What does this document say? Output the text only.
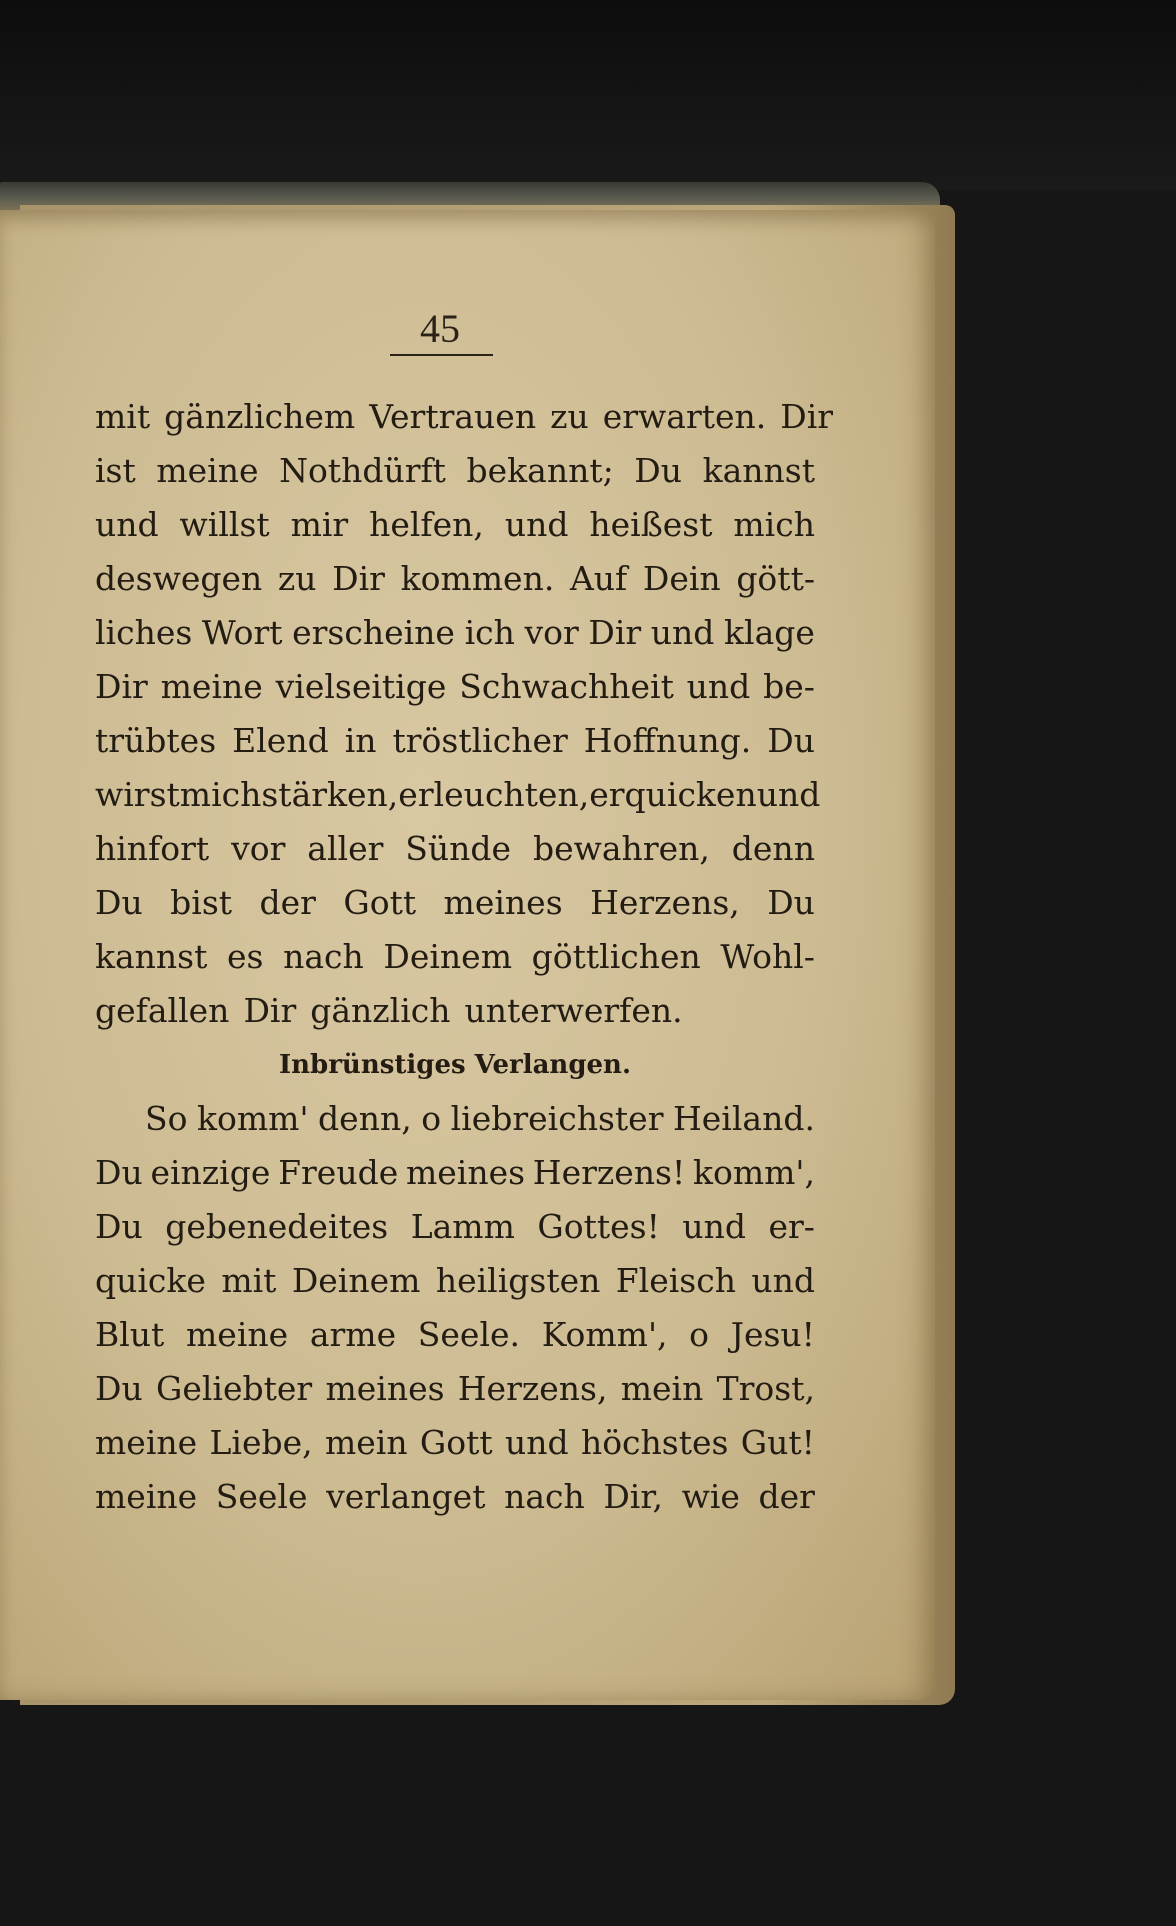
45
mit gänzlichem Vertrauen zu erwarten. Dir
ist meine Nothdürft bekannt; Du kannst
und willst mir helfen, und heißest mich
deswegen zu Dir kommen. Auf Dein gött-
liches Wort erscheine ich vor Dir und klage
Dir meine vielseitige Schwachheit und be-
trübtes Elend in tröstlicher Hoffnung. Du
wirst mich stärken, erleuchten, erquicken und
hinfort vor aller Sünde bewahren, denn
Du bist der Gott meines Herzens, Du
kannst es nach Deinem göttlichen Wohl-
gefallen Dir gänzlich unterwerfen.
Inbrünstiges Verlangen.
So komm' denn, o liebreichster Heiland.
Du einzige Freude meines Herzens! komm',
Du gebenedeites Lamm Gottes! und er-
quicke mit Deinem heiligsten Fleisch und
Blut meine arme Seele. Komm', o Jesu!
Du Geliebter meines Herzens, mein Trost,
meine Liebe, mein Gott und höchstes Gut!
meine Seele verlanget nach Dir, wie der
